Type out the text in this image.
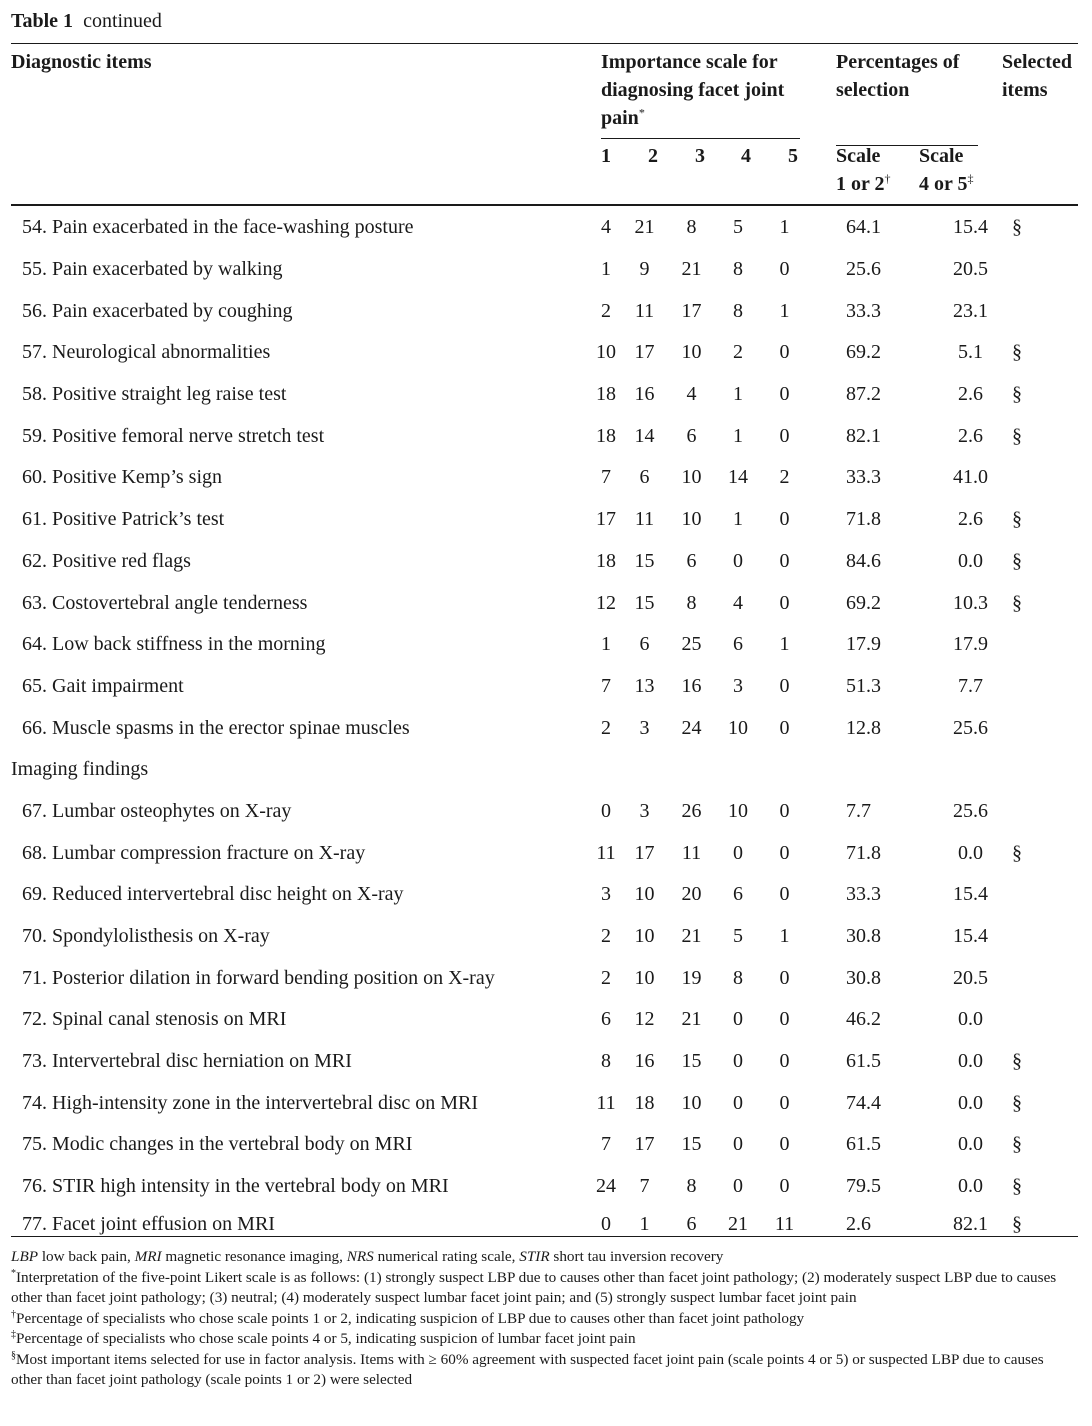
Table 1 continued
Diagnostic items	Importance scale for
diagnosing facet joint
pain*
Percentages of
selection
Selected
items
1	2	3	4	5	Scale
1 or 2†
Scale
4 or 5‡
54. Pain exacerbated in the face-washing posture	4	21	8	5	1		64.1	15.4	§
55. Pain exacerbated by walking	1	9	21	8	0		25.6	20.5	
56. Pain exacerbated by coughing	2	11	17	8	1		33.3	23.1	
57. Neurological abnormalities	10	17	10	2	0		69.2	5.1	§
58. Positive straight leg raise test	18	16	4	1	0		87.2	2.6	§
59. Positive femoral nerve stretch test	18	14	6	1	0		82.1	2.6	§
60. Positive Kemp’s sign	7	6	10	14	2		33.3	41.0	
61. Positive Patrick’s test	17	11	10	1	0		71.8	2.6	§
62. Positive red flags	18	15	6	0	0		84.6	0.0	§
63. Costovertebral angle tenderness	12	15	8	4	0		69.2	10.3	§
64. Low back stiffness in the morning	1	6	25	6	1		17.9	17.9	
65. Gait impairment	7	13	16	3	0		51.3	7.7	
66. Muscle spasms in the erector spinae muscles	2	3	24	10	0		12.8	25.6	
Imaging findings									
67. Lumbar osteophytes on X-ray	0	3	26	10	0		7.7	25.6	
68. Lumbar compression fracture on X-ray	11	17	11	0	0		71.8	0.0	§
69. Reduced intervertebral disc height on X-ray	3	10	20	6	0		33.3	15.4	
70. Spondylolisthesis on X-ray	2	10	21	5	1		30.8	15.4	
71. Posterior dilation in forward bending position on X-ray	2	10	19	8	0		30.8	20.5	
72. Spinal canal stenosis on MRI	6	12	21	0	0		46.2	0.0	
73. Intervertebral disc herniation on MRI	8	16	15	0	0		61.5	0.0	§
74. High-intensity zone in the intervertebral disc on MRI	11	18	10	0	0		74.4	0.0	§
75. Modic changes in the vertebral body on MRI	7	17	15	0	0		61.5	0.0	§
76. STIR high intensity in the vertebral body on MRI	24	7	8	0	0		79.5	0.0	§
77. Facet joint effusion on MRI	0	1	6	21	11		2.6	82.1	§
LBP low back pain, MRI magnetic resonance imaging, NRS numerical rating scale, STIR short tau inversion recovery
*Interpretation of the five-point Likert scale is as follows: (1) strongly suspect LBP due to causes other than facet joint pathology; (2) moderately suspect LBP due to causes other than facet joint pathology; (3) neutral; (4) moderately suspect lumbar facet joint pain; and (5) strongly suspect lumbar facet joint pain
†Percentage of specialists who chose scale points 1 or 2, indicating suspicion of LBP due to causes other than facet joint pathology
‡Percentage of specialists who chose scale points 4 or 5, indicating suspicion of lumbar facet joint pain
§Most important items selected for use in factor analysis. Items with ≥ 60% agreement with suspected facet joint pain (scale points 4 or 5) or suspected LBP due to causes other than facet joint pathology (scale points 1 or 2) were selected
